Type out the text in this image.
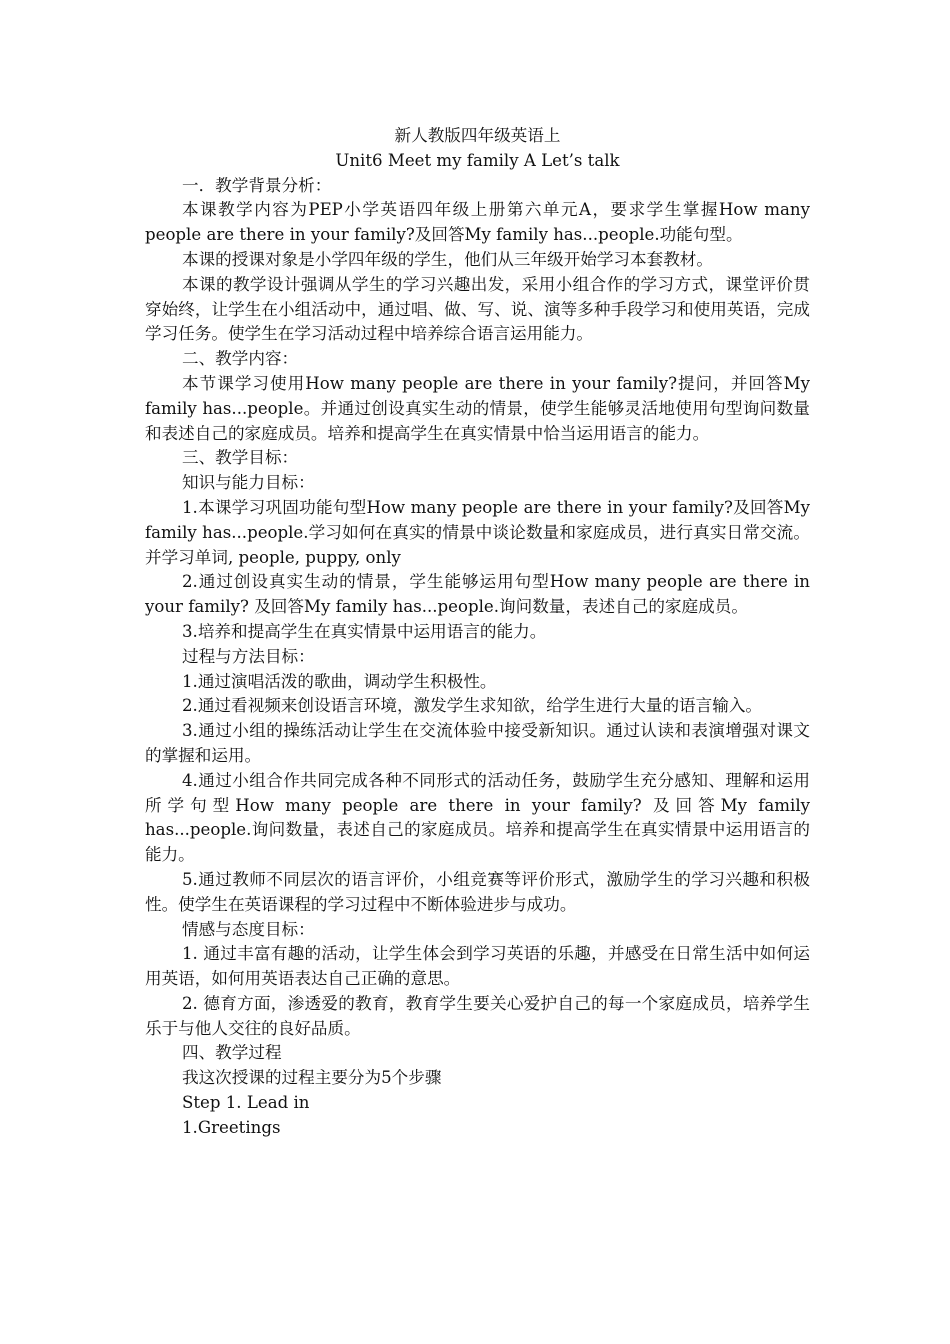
新人教版四年级英语上

Unit6 Meet my family A Let’s talk

一．教学背景分析：

本课教学内容为PEP小学英语四年级上册第六单元A，要求学生掌握How many people are there in your family?及回答My family has...people.功能句型。

本课的授课对象是小学四年级的学生，他们从三年级开始学习本套教材。

本课的教学设计强调从学生的学习兴趣出发，采用小组合作的学习方式，课堂评价贯穿始终，让学生在小组活动中，通过唱、做、写、说、演等多种手段学习和使用英语，完成学习任务。使学生在学习活动过程中培养综合语言运用能力。

二、教学内容：

本节课学习使用How many people are there in your family?提问，并回答My family has...people。并通过创设真实生动的情景，使学生能够灵活地使用句型询问数量和表述自己的家庭成员。培养和提高学生在真实情景中恰当运用语言的能力。

三、教学目标：

知识与能力目标：

1.本课学习巩固功能句型How many people are there in your family?及回答My family has...people.学习如何在真实的情景中谈论数量和家庭成员，进行真实日常交流。并学习单词, people, puppy, only

2.通过创设真实生动的情景，学生能够运用句型How many people are there in your family? 及回答My family has...people.询问数量，表述自己的家庭成员。

3.培养和提高学生在真实情景中运用语言的能力。

过程与方法目标：

1.通过演唱活泼的歌曲，调动学生积极性。

2.通过看视频来创设语言环境，激发学生求知欲，给学生进行大量的语言输入。

3.通过小组的操练活动让学生在交流体验中接受新知识。通过认读和表演增强对课文的掌握和运用。

4.通过小组合作共同完成各种不同形式的活动任务，鼓励学生充分感知、理解和运用所学句型How many people are there in your family? 及回答My family has...people.询问数量，表述自己的家庭成员。培养和提高学生在真实情景中运用语言的能力。

5.通过教师不同层次的语言评价，小组竞赛等评价形式，激励学生的学习兴趣和积极性。使学生在英语课程的学习过程中不断体验进步与成功。

情感与态度目标：

1. 通过丰富有趣的活动，让学生体会到学习英语的乐趣，并感受在日常生活中如何运用英语，如何用英语表达自己正确的意思。

2. 德育方面，渗透爱的教育，教育学生要关心爱护自己的每一个家庭成员，培养学生乐于与他人交往的良好品质。

四、教学过程

我这次授课的过程主要分为5个步骤

Step 1. Lead in

1.Greetings
